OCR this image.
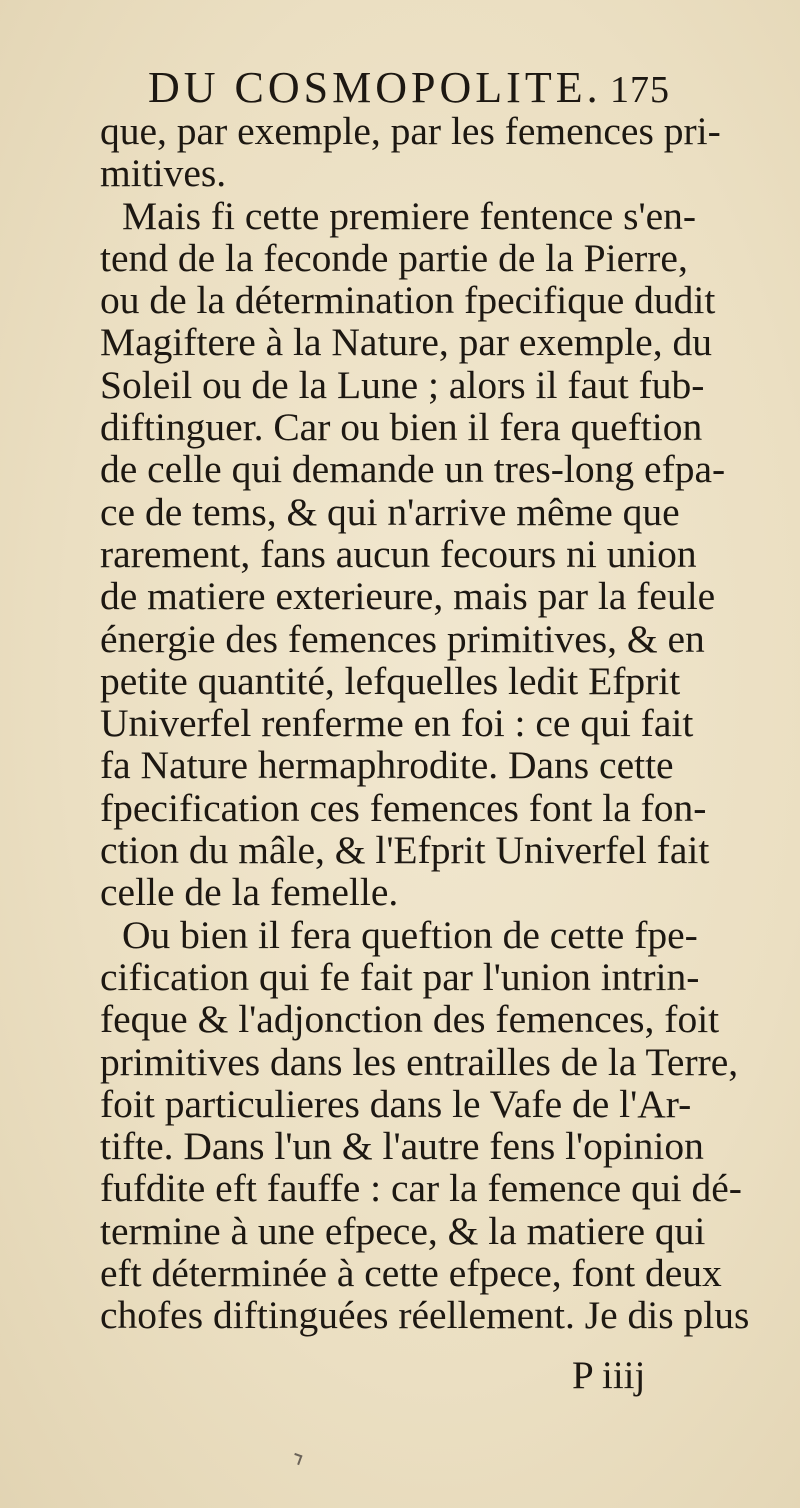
DU COSMOPOLITE. 175
que, par exemple, par les femences pri-
mitives.
Mais fi cette premiere fentence s'en-
tend de la feconde partie de la Pierre,
ou de la détermination fpecifique dudit
Magiftere à la Nature, par exemple, du
Soleil ou de la Lune ; alors il faut fub-
diftinguer. Car ou bien il fera queftion
de celle qui demande un tres-long efpa-
ce de tems, & qui n'arrive même que
rarement, fans aucun fecours ni union
de matiere exterieure, mais par la feule
énergie des femences primitives, & en
petite quantité, lefquelles ledit Efprit
Univerfel renferme en foi : ce qui fait
fa Nature hermaphrodite. Dans cette
fpecification ces femences font la fon-
ction du mâle, & l'Efprit Univerfel fait
celle de la femelle.
Ou bien il fera queftion de cette fpe-
cification qui fe fait par l'union intrin-
feque & l'adjonction des femences, foit
primitives dans les entrailles de la Terre,
foit particulieres dans le Vafe de l'Ar-
tifte. Dans l'un & l'autre fens l'opinion
fufdite eft fauffe : car la femence qui dé-
termine à une efpece, & la matiere qui
eft déterminée à cette efpece, font deux
chofes diftinguées réellement. Je dis plus
P iiij
